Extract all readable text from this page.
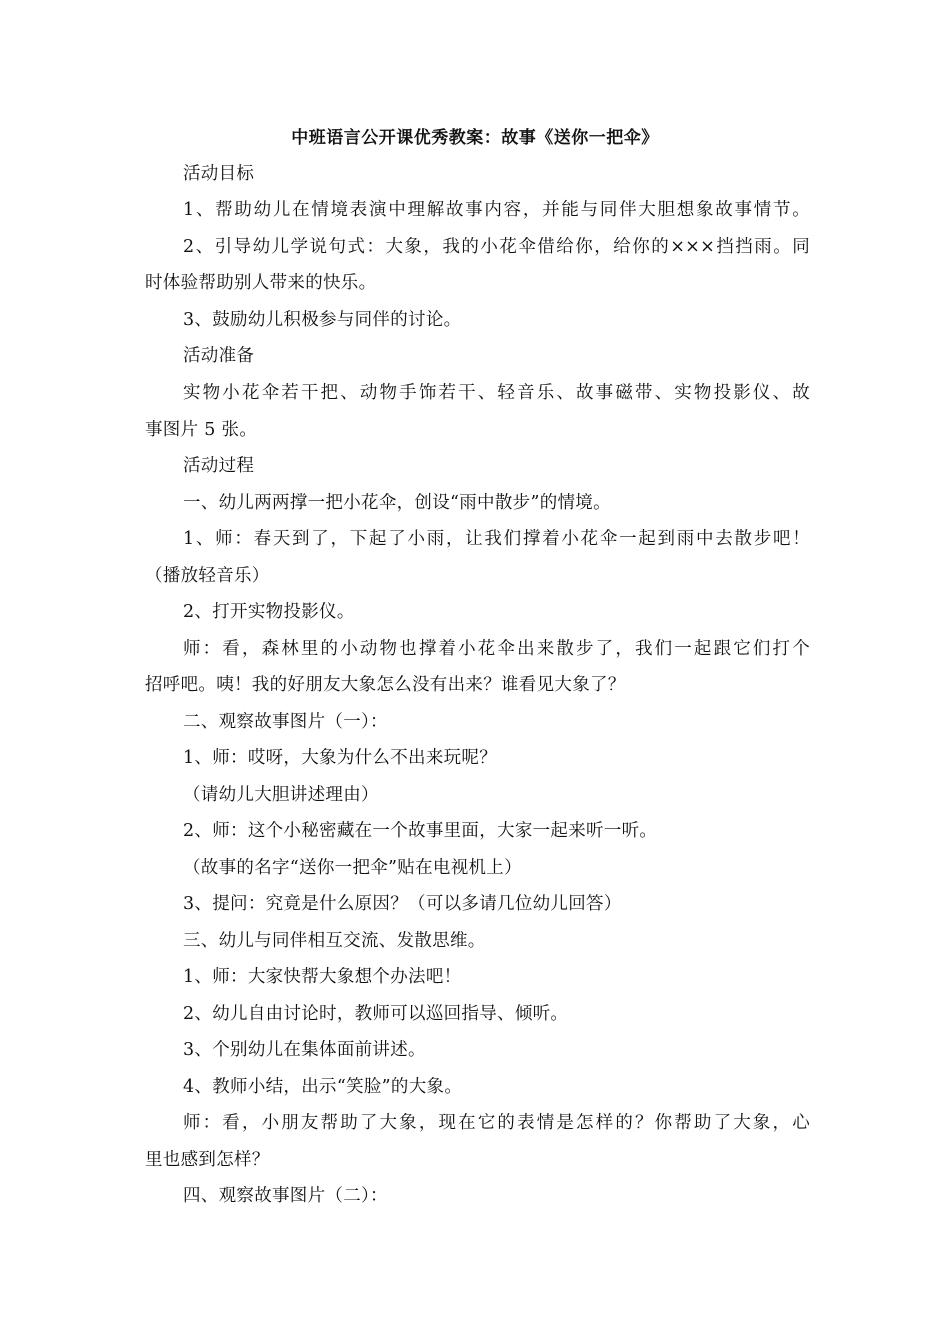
中班语言公开课优秀教案：故事《送你一把伞》
活动目标
1、帮助幼儿在情境表演中理解故事内容，并能与同伴大胆想象故事情节。
2、引导幼儿学说句式：大象，我的小花伞借给你，给你的×××挡挡雨。同
时体验帮助别人带来的快乐。
3、鼓励幼儿积极参与同伴的讨论。
活动准备
实物小花伞若干把、动物手饰若干、轻音乐、故事磁带、实物投影仪、故
事图片 5 张。
活动过程
一、幼儿两两撑一把小花伞，创设“雨中散步”的情境。
1、师：春天到了，下起了小雨，让我们撑着小花伞一起到雨中去散步吧！
（播放轻音乐）
2、打开实物投影仪。
师：看，森林里的小动物也撑着小花伞出来散步了，我们一起跟它们打个
招呼吧。咦！我的好朋友大象怎么没有出来？谁看见大象了？
二、观察故事图片（一）：
1、师：哎呀，大象为什么不出来玩呢？
（请幼儿大胆讲述理由）
2、师：这个小秘密藏在一个故事里面，大家一起来听一听。
（故事的名字“送你一把伞”贴在电视机上）
3、提问：究竟是什么原因？（可以多请几位幼儿回答）
三、幼儿与同伴相互交流、发散思维。
1、师：大家快帮大象想个办法吧！
2、幼儿自由讨论时，教师可以巡回指导、倾听。
3、个别幼儿在集体面前讲述。
4、教师小结，出示“笑脸”的大象。
师：看，小朋友帮助了大象，现在它的表情是怎样的？你帮助了大象，心
里也感到怎样？
四、观察故事图片（二）：
